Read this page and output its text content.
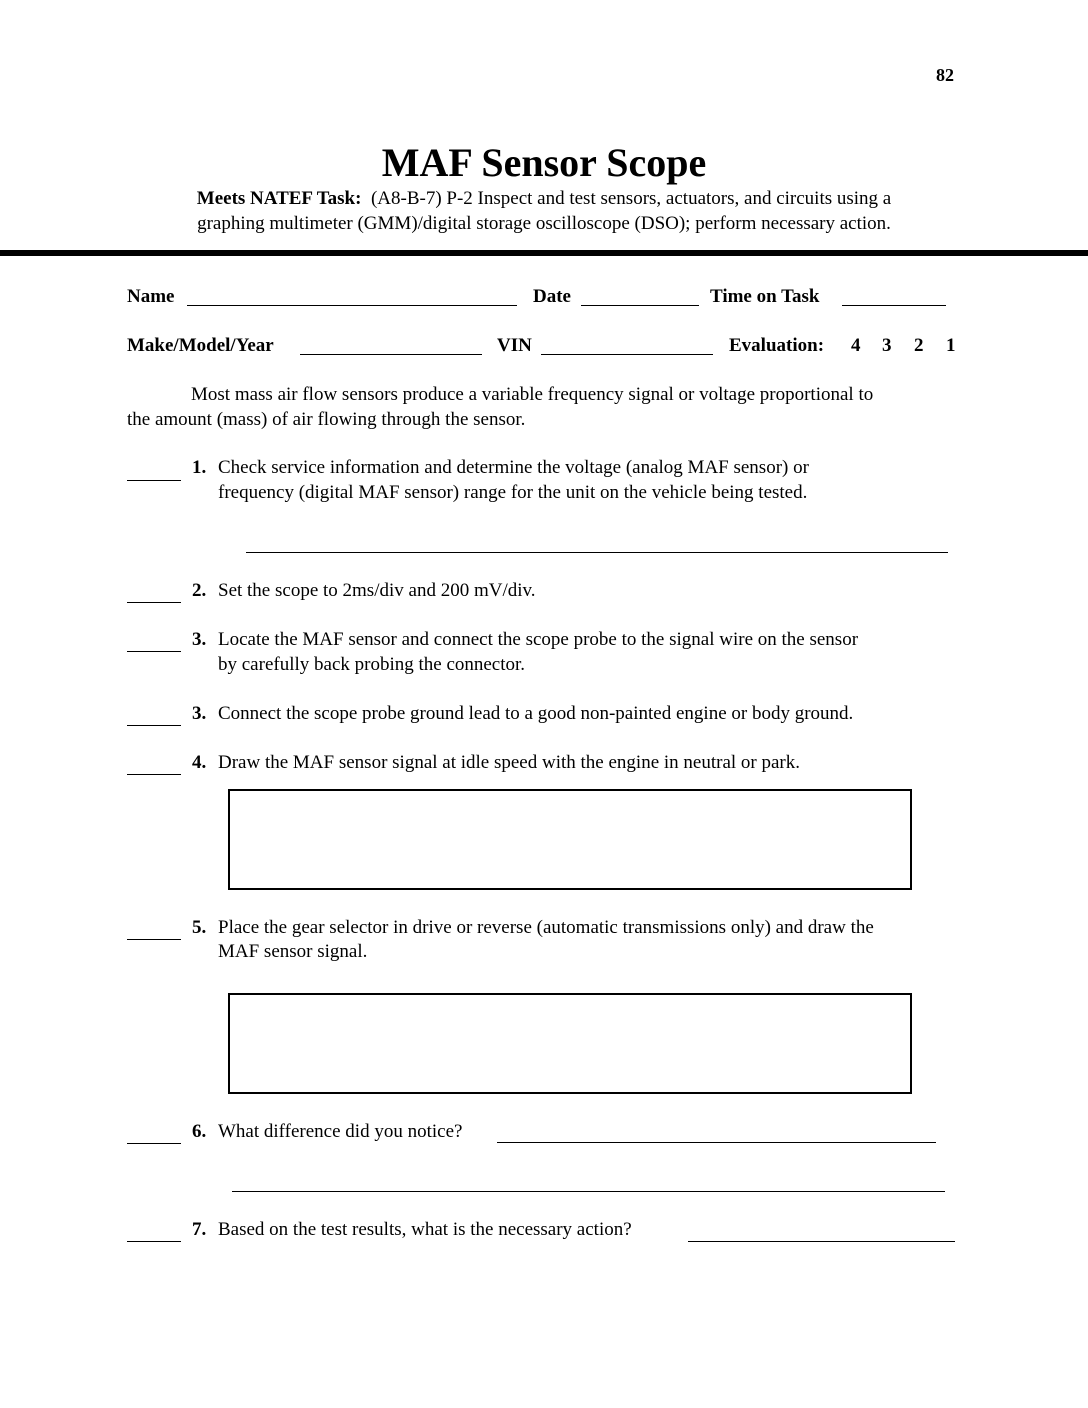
82
MAF Sensor Scope
Meets NATEF Task: (A8-B-7) P-2 Inspect and test sensors, actuators, and circuits using a
graphing multimeter (GMM)/digital storage oscilloscope (DSO); perform necessary action.
Name	Date	Time on Task
Make/Model/Year	VIN	Evaluation: 4 3 2 1
Most mass air flow sensors produce a variable frequency signal or voltage proportional to
the amount (mass) of air flowing through the sensor.
1. Check service information and determine the voltage (analog MAF sensor) or
frequency (digital MAF sensor) range for the unit on the vehicle being tested.
2. Set the scope to 2ms/div and 200 mV/div.
3. Locate the MAF sensor and connect the scope probe to the signal wire on the sensor
by carefully back probing the connector.
3. Connect the scope probe ground lead to a good non-painted engine or body ground.
4. Draw the MAF sensor signal at idle speed with the engine in neutral or park.
5. Place the gear selector in drive or reverse (automatic transmissions only) and draw the
MAF sensor signal.
6. What difference did you notice?
7. Based on the test results, what is the necessary action?
